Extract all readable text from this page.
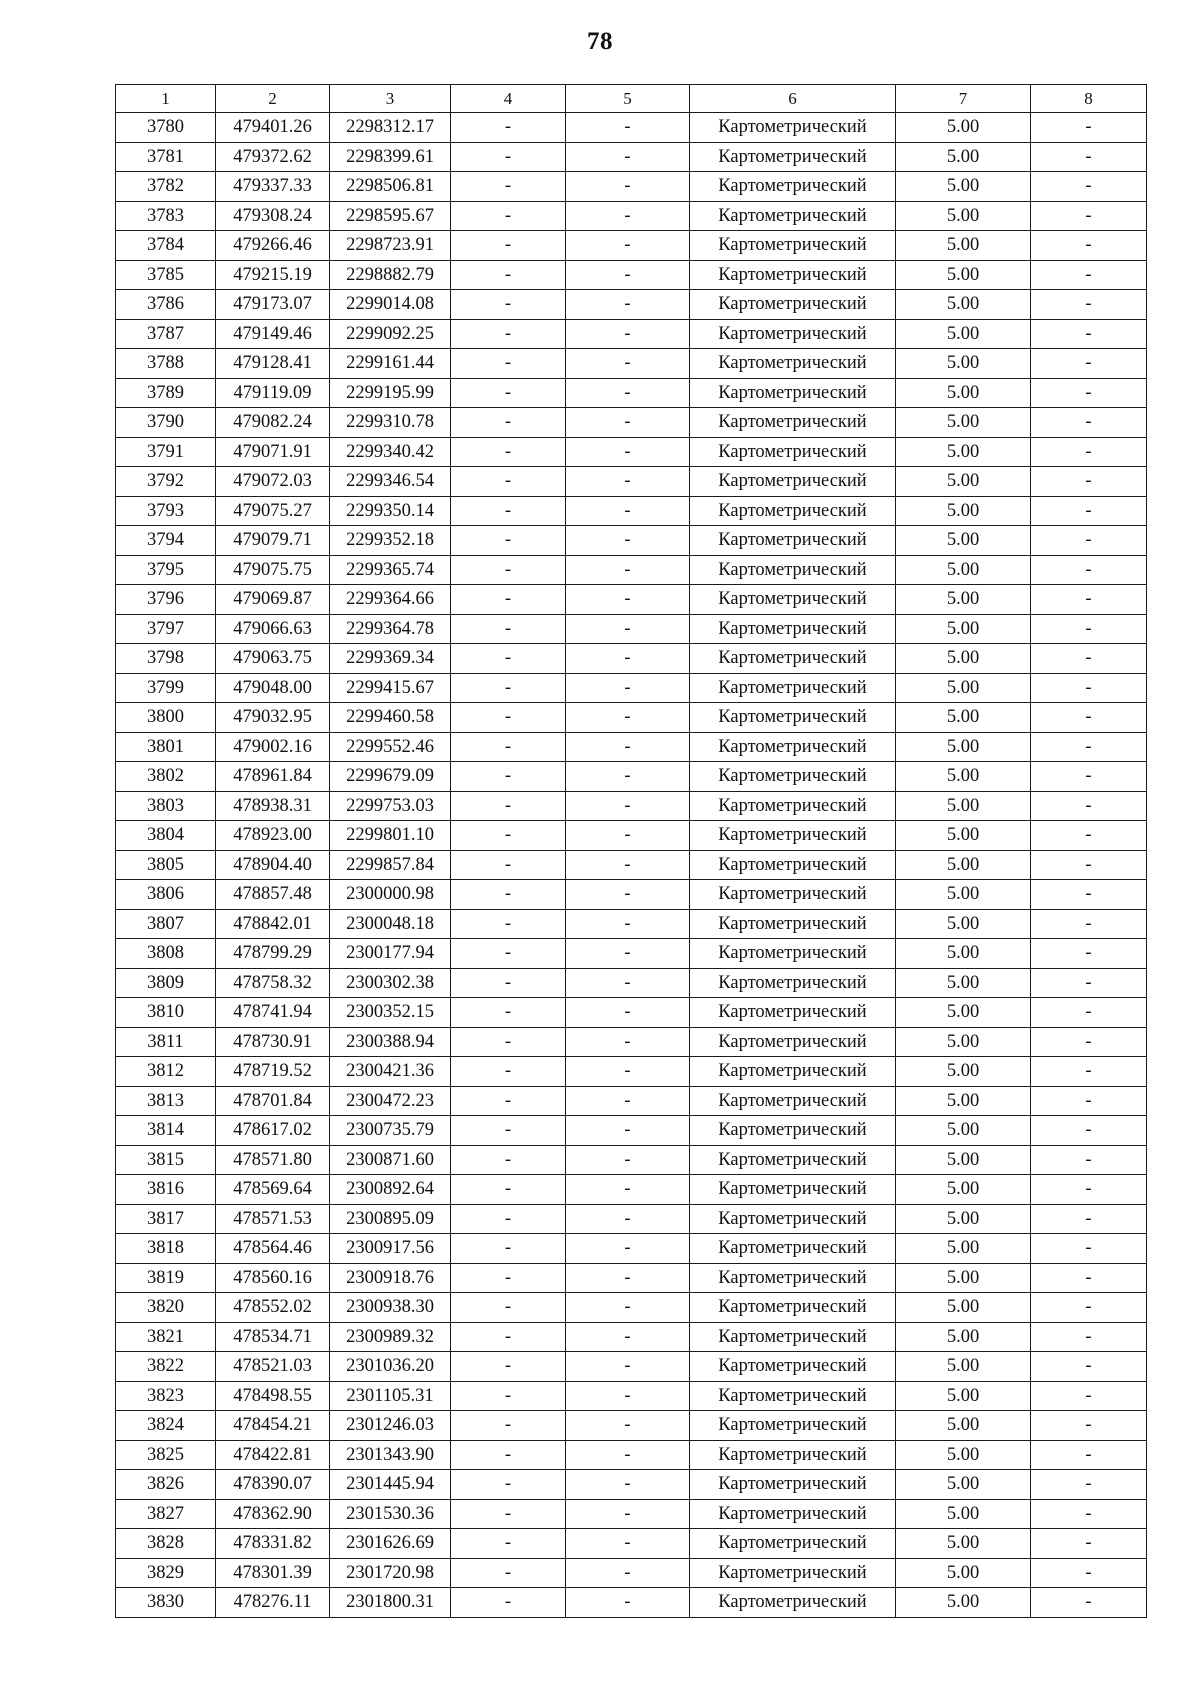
78
1	2	3	4	5	6	7	8
3780	479401.26	2298312.17	-	-	Картометрический	5.00	-
3781	479372.62	2298399.61	-	-	Картометрический	5.00	-
3782	479337.33	2298506.81	-	-	Картометрический	5.00	-
3783	479308.24	2298595.67	-	-	Картометрический	5.00	-
3784	479266.46	2298723.91	-	-	Картометрический	5.00	-
3785	479215.19	2298882.79	-	-	Картометрический	5.00	-
3786	479173.07	2299014.08	-	-	Картометрический	5.00	-
3787	479149.46	2299092.25	-	-	Картометрический	5.00	-
3788	479128.41	2299161.44	-	-	Картометрический	5.00	-
3789	479119.09	2299195.99	-	-	Картометрический	5.00	-
3790	479082.24	2299310.78	-	-	Картометрический	5.00	-
3791	479071.91	2299340.42	-	-	Картометрический	5.00	-
3792	479072.03	2299346.54	-	-	Картометрический	5.00	-
3793	479075.27	2299350.14	-	-	Картометрический	5.00	-
3794	479079.71	2299352.18	-	-	Картометрический	5.00	-
3795	479075.75	2299365.74	-	-	Картометрический	5.00	-
3796	479069.87	2299364.66	-	-	Картометрический	5.00	-
3797	479066.63	2299364.78	-	-	Картометрический	5.00	-
3798	479063.75	2299369.34	-	-	Картометрический	5.00	-
3799	479048.00	2299415.67	-	-	Картометрический	5.00	-
3800	479032.95	2299460.58	-	-	Картометрический	5.00	-
3801	479002.16	2299552.46	-	-	Картометрический	5.00	-
3802	478961.84	2299679.09	-	-	Картометрический	5.00	-
3803	478938.31	2299753.03	-	-	Картометрический	5.00	-
3804	478923.00	2299801.10	-	-	Картометрический	5.00	-
3805	478904.40	2299857.84	-	-	Картометрический	5.00	-
3806	478857.48	2300000.98	-	-	Картометрический	5.00	-
3807	478842.01	2300048.18	-	-	Картометрический	5.00	-
3808	478799.29	2300177.94	-	-	Картометрический	5.00	-
3809	478758.32	2300302.38	-	-	Картометрический	5.00	-
3810	478741.94	2300352.15	-	-	Картометрический	5.00	-
3811	478730.91	2300388.94	-	-	Картометрический	5.00	-
3812	478719.52	2300421.36	-	-	Картометрический	5.00	-
3813	478701.84	2300472.23	-	-	Картометрический	5.00	-
3814	478617.02	2300735.79	-	-	Картометрический	5.00	-
3815	478571.80	2300871.60	-	-	Картометрический	5.00	-
3816	478569.64	2300892.64	-	-	Картометрический	5.00	-
3817	478571.53	2300895.09	-	-	Картометрический	5.00	-
3818	478564.46	2300917.56	-	-	Картометрический	5.00	-
3819	478560.16	2300918.76	-	-	Картометрический	5.00	-
3820	478552.02	2300938.30	-	-	Картометрический	5.00	-
3821	478534.71	2300989.32	-	-	Картометрический	5.00	-
3822	478521.03	2301036.20	-	-	Картометрический	5.00	-
3823	478498.55	2301105.31	-	-	Картометрический	5.00	-
3824	478454.21	2301246.03	-	-	Картометрический	5.00	-
3825	478422.81	2301343.90	-	-	Картометрический	5.00	-
3826	478390.07	2301445.94	-	-	Картометрический	5.00	-
3827	478362.90	2301530.36	-	-	Картометрический	5.00	-
3828	478331.82	2301626.69	-	-	Картометрический	5.00	-
3829	478301.39	2301720.98	-	-	Картометрический	5.00	-
3830	478276.11	2301800.31	-	-	Картометрический	5.00	-
